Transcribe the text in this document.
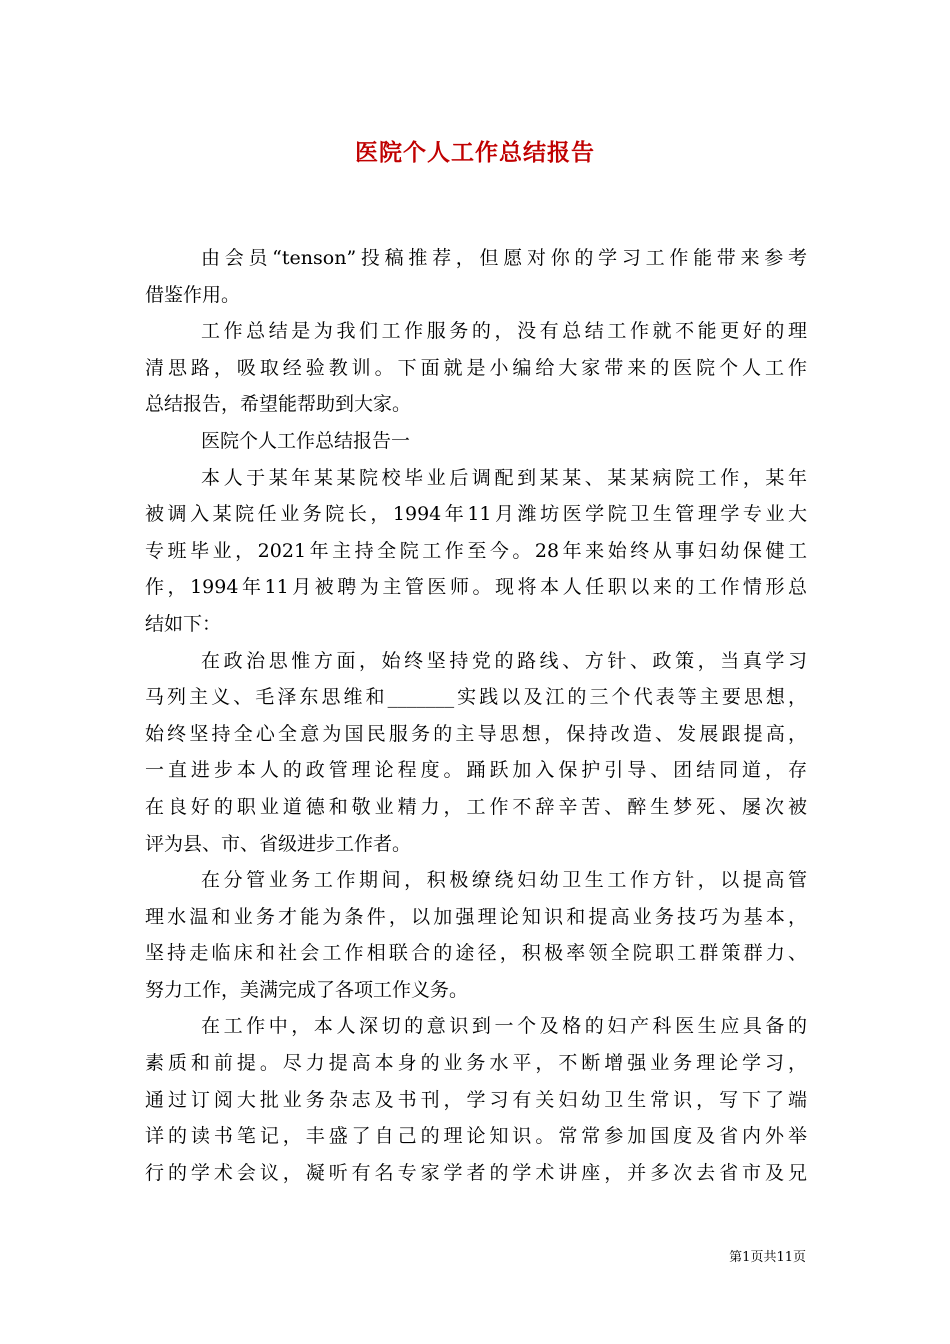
医院个人工作总结报告
由会员“tenson”投稿推荐，但愿对你的学习工作能带来参考
借鉴作用。
工作总结是为我们工作服务的，没有总结工作就不能更好的理
清思路，吸取经验教训。下面就是小编给大家带来的医院个人工作
总结报告，希望能帮助到大家。
医院个人工作总结报告一
本人于某年某某院校毕业后调配到某某、某某病院工作，某年
被调入某院任业务院长，1994年11月潍坊医学院卫生管理学专业大
专班毕业，2021年主持全院工作至今。28年来始终从事妇幼保健工
作，1994年11月被聘为主管医师。现将本人任职以来的工作情形总
结如下：
在政治思惟方面，始终坚持党的路线、方针、政策，当真学习
马列主义、毛泽东思维和_______实践以及江的三个代表等主要思想，
始终坚持全心全意为国民服务的主导思想，保持改造、发展跟提高，
一直进步本人的政管理论程度。踊跃加入保护引导、团结同道，存
在良好的职业道德和敬业精力，工作不辞辛苦、醉生梦死、屡次被
评为县、市、省级进步工作者。
在分管业务工作期间，积极缭绕妇幼卫生工作方针，以提高管
理水温和业务才能为条件，以加强理论知识和提高业务技巧为基本，
坚持走临床和社会工作相联合的途径，积极率领全院职工群策群力、
努力工作，美满完成了各项工作义务。
在工作中，本人深切的意识到一个及格的妇产科医生应具备的
素质和前提。尽力提高本身的业务水平，不断增强业务理论学习，
通过订阅大批业务杂志及书刊，学习有关妇幼卫生常识，写下了端
详的读书笔记，丰盛了自己的理论知识。常常参加国度及省内外举
行的学术会议，凝听有名专家学者的学术讲座，并多次去省市及兄
第1页共11页
